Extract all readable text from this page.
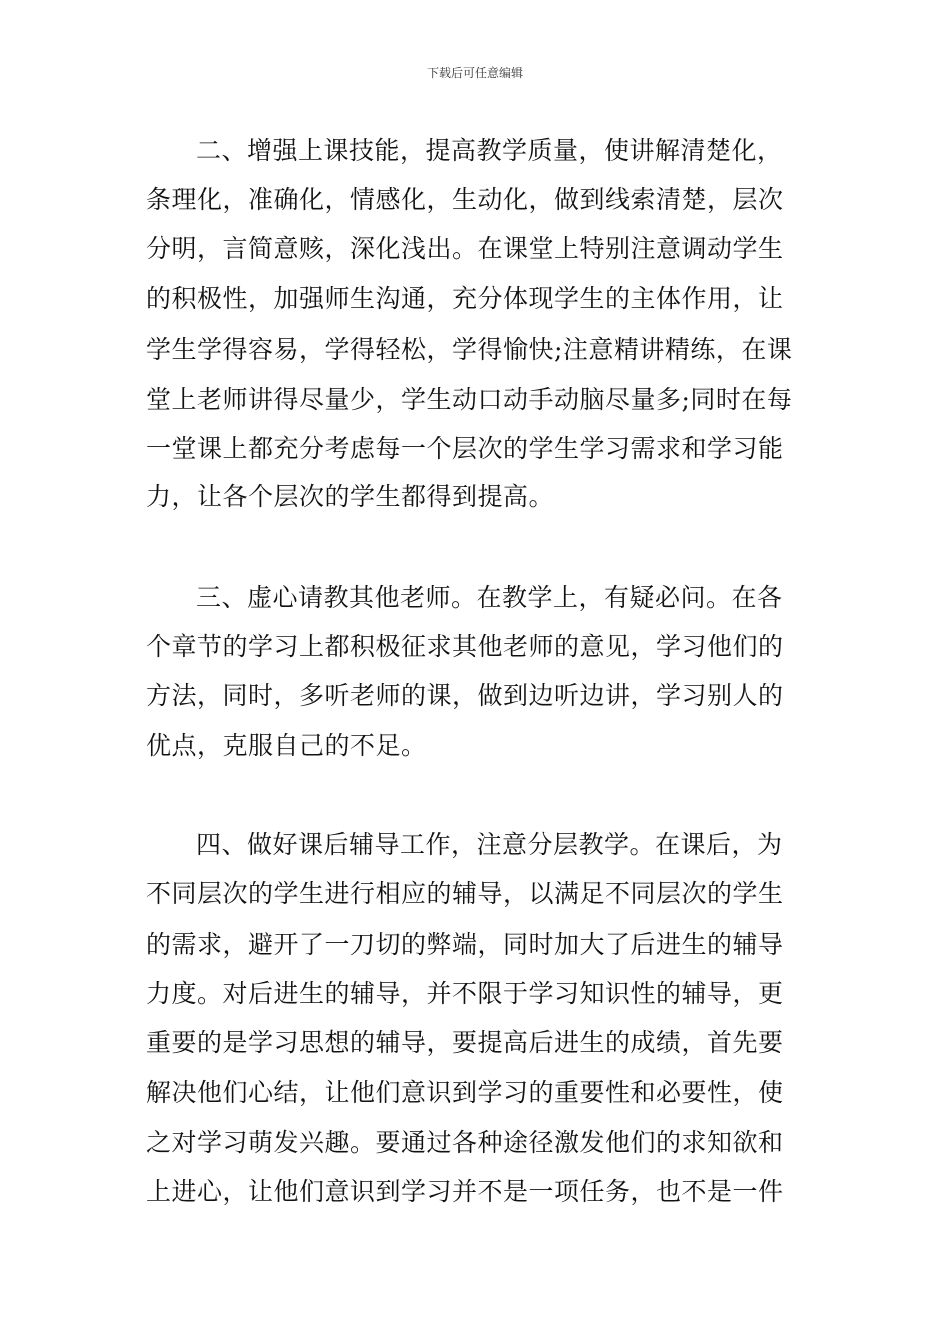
下载后可任意编辑
二、增强上课技能，提高教学质量，使讲解清楚化，
条理化，准确化，情感化，生动化，做到线索清楚，层次
分明，言简意赅，深化浅出。在课堂上特别注意调动学生
的积极性，加强师生沟通，充分体现学生的主体作用，让
学生学得容易，学得轻松，学得愉快;注意精讲精练，在课
堂上老师讲得尽量少，学生动口动手动脑尽量多;同时在每
一堂课上都充分考虑每一个层次的学生学习需求和学习能
力，让各个层次的学生都得到提高。
三、虚心请教其他老师。在教学上，有疑必问。在各
个章节的学习上都积极征求其他老师的意见，学习他们的
方法，同时，多听老师的课，做到边听边讲，学习别人的
优点，克服自己的不足。
四、做好课后辅导工作，注意分层教学。在课后，为
不同层次的学生进行相应的辅导，以满足不同层次的学生
的需求，避开了一刀切的弊端，同时加大了后进生的辅导
力度。对后进生的辅导，并不限于学习知识性的辅导，更
重要的是学习思想的辅导，要提高后进生的成绩，首先要
解决他们心结，让他们意识到学习的重要性和必要性，使
之对学习萌发兴趣。要通过各种途径激发他们的求知欲和
上进心，让他们意识到学习并不是一项任务，也不是一件
